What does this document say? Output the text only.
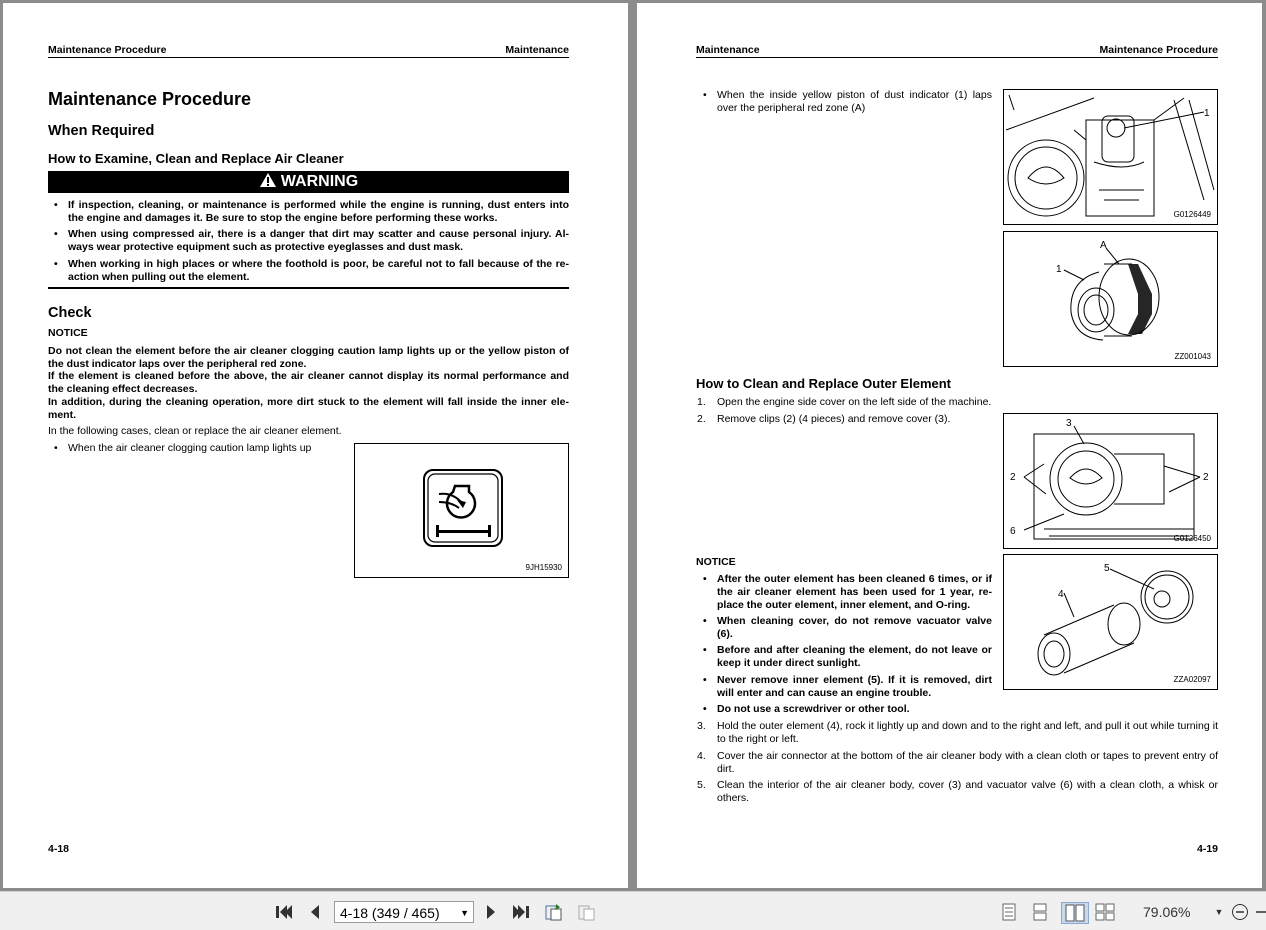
Maintenance Procedure	Maintenance
Maintenance Procedure
When Required
How to Examine, Clean and Replace Air Cleaner
WARNING
• If inspection, cleaning, or maintenance is performed while the engine is running, dust enters into the engine and damages it. Be sure to stop the engine before performing these works.
• When using compressed air, there is a danger that dirt may scatter and cause personal injury. Al-ways wear protective equipment such as protective eyeglasses and dust mask.
• When working in high places or where the foothold is poor, be careful not to fall because of the re-action when pulling out the element.
Check
NOTICE
Do not clean the element before the air cleaner clogging caution lamp lights up or the yellow piston of the dust indicator laps over the peripheral red zone.
If the element is cleaned before the above, the air cleaner cannot display its normal performance and the cleaning effect decreases.
In addition, during the cleaning operation, more dirt stuck to the element will fall inside the inner ele-ment.
In the following cases, clean or replace the air cleaner element.
• When the air cleaner clogging caution lamp lights up
9JH15930
4-18
Maintenance	Maintenance Procedure
• When the inside yellow piston of dust indicator (1) laps over the peripheral red zone (A)	1
G0126449
A
1
ZZ001043
How to Clean and Replace Outer Element
1. Open the engine side cover on the left side of the machine.
2. Remove clips (2) (4 pieces) and remove cover (3).	3
2	2
6
G0126450
NOTICE
• After the outer element has been cleaned 6 times, or if the air cleaner element has been used for 1 year, re-place the outer element, inner element, and O-ring.
• When cleaning cover, do not remove vacuator valve (6).
• Before and after cleaning the element, do not leave or keep it under direct sunlight.
• Never remove inner element (5). If it is removed, dirt will enter and can cause an engine trouble.
• Do not use a screwdriver or other tool.
5
4
ZZA02097
3. Hold the outer element (4), rock it lightly up and down and to the right and left, and pull it out while turning it to the right or left.
4. Cover the air connector at the bottom of the air cleaner body with a clean cloth or tapes to prevent entry of dirt.
5. Clean the interior of the air cleaner body, cover (3) and vacuator valve (6) with a clean cloth, a whisk or others.
4-19
4-18 (349 / 465) ▼	79.06%	▼
